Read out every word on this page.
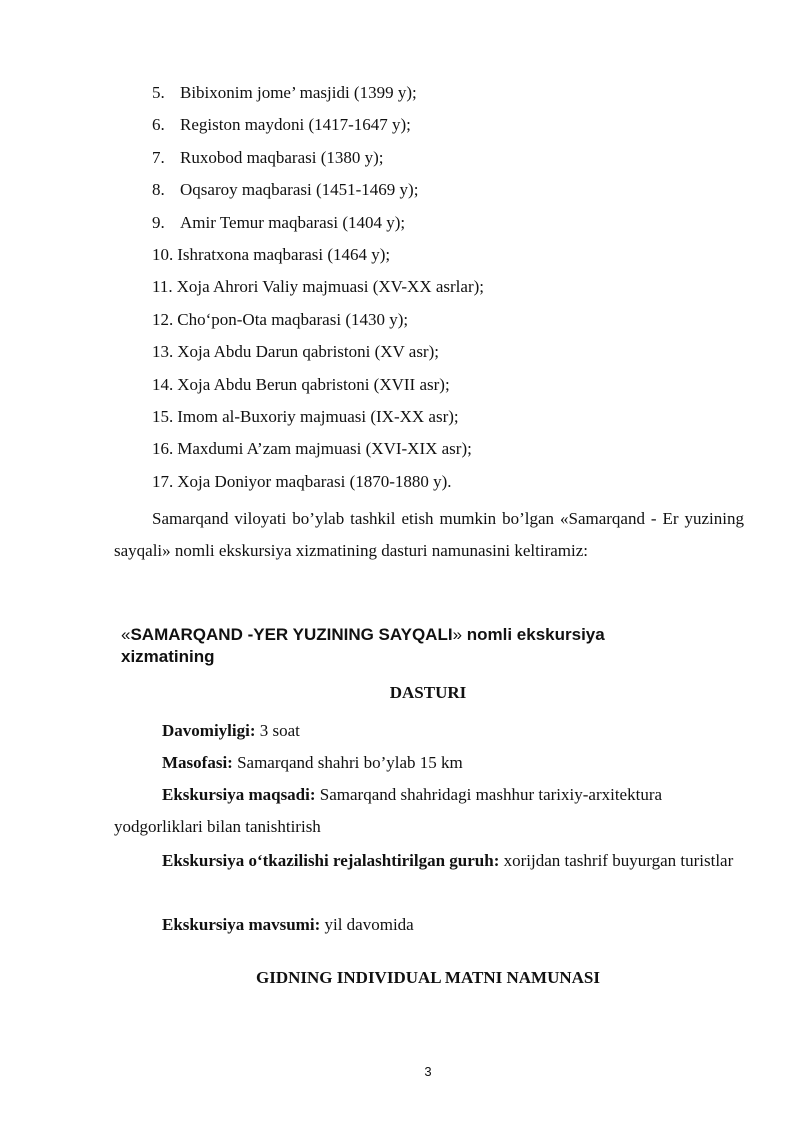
5. Bibixonim jome’ masjidi (1399 y);
6. Registon maydoni (1417-1647 y);
7. Ruxobod maqbarasi (1380 y);
8. Oqsaroy maqbarasi (1451-1469 y);
9. Amir Temur maqbarasi (1404 y);
10. Ishratxona maqbarasi (1464 y);
11. Xoja Ahrori Valiy majmuasi (XV-XX asrlar);
12. Cho‘pon-Ota maqbarasi (1430 y);
13. Xoja Abdu Darun qabristoni (XV asr);
14. Xoja Abdu Berun qabristoni (XVII asr);
15. Imom al-Buxoriy majmuasi (IX-XX asr);
16. Maxdumi A’zam majmuasi (XVI-XIX asr);
17. Xoja Doniyor maqbarasi (1870-1880 y).

Samarqand viloyati bo’ylab tashkil etish mumkin bo’lgan «Samarqand - Er yuzining sayqali» nomli ekskursiya xizmatining dasturi namunasini keltiramiz:

«SAMARQAND -YER YUZINING SAYQALI» nomli ekskursiya xizmatining
DASTURI
Davomiyligi: 3 soat
Masofasi: Samarqand shahri bo’ylab 15 km
Ekskursiya maqsadi: Samarqand shahridagi mashhur tarixiy-arxitektura yodgorliklari bilan tanishtirish
Ekskursiya o‘tkazilishi rejalashtirilgan guruh: xorijdan tashrif buyurgan turistlar
Ekskursiya mavsumi: yil davomida
GIDNING INDIVIDUAL MATNI NAMUNASI
3
